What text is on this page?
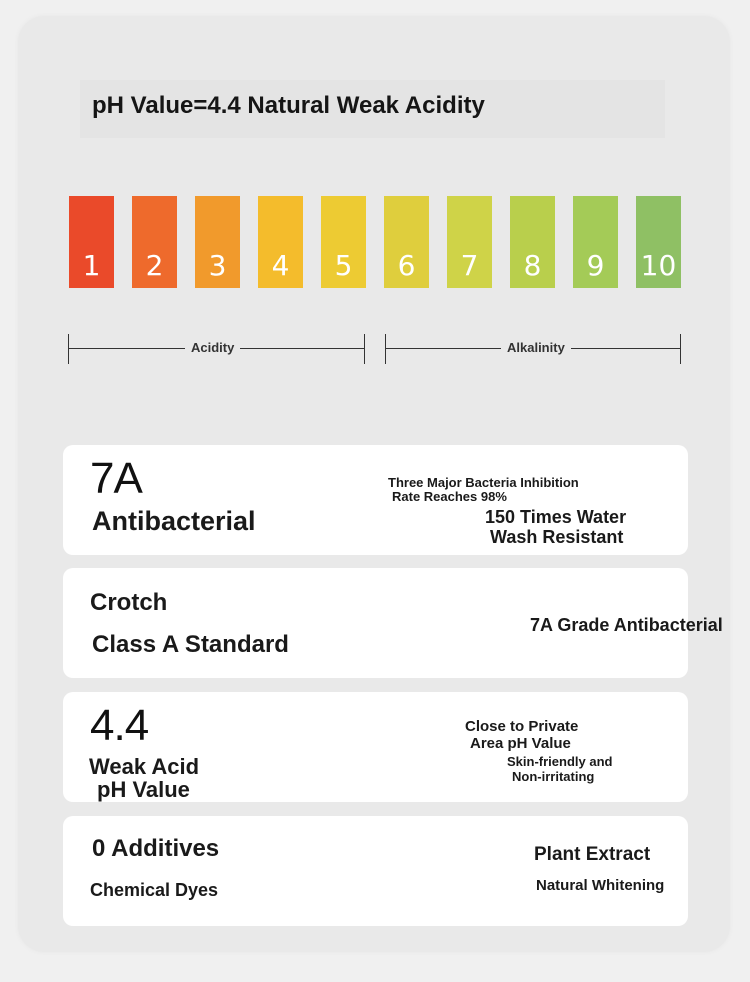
pH Value=4.4 Natural Weak Acidity
1	2	3	4	5	6	7	8	9	10
Acidity	Alkalinity
7A
Antibacterial
Three Major Bacteria Inhibition
Rate Reaches 98%
150 Times Water
Wash Resistant
Crotch
Class A Standard
7A Grade Antibacterial
4.4
Weak Acid
pH Value
Close to Private
Area pH Value
Skin-friendly and
Non-irritating
0 Additives
Chemical Dyes
Plant Extract
Natural Whitening
